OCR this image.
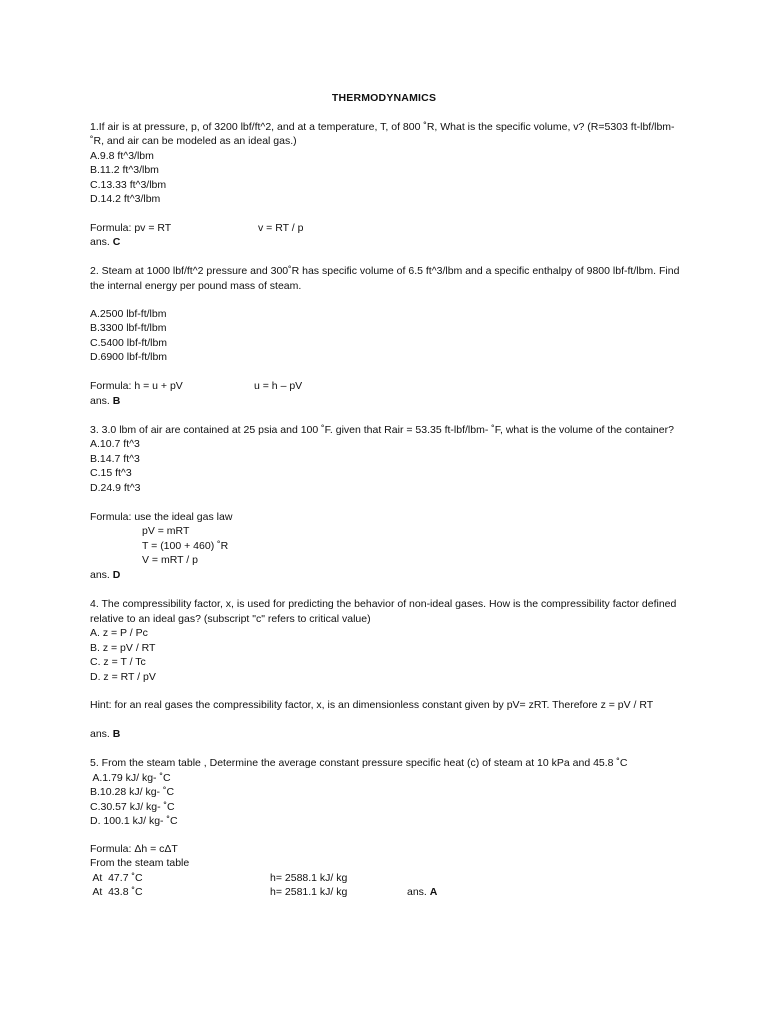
THERMODYNAMICS
1.If air is at pressure, p, of 3200 lbf/ft^2, and at a temperature, T, of 800 ˚R, What is the specific volume, v? (R=5303 ft-lbf/lbm-
˚R, and air can be modeled as an ideal gas.)
A.9.8 ft^3/lbm
B.11.2 ft^3/lbm
C.13.33 ft^3/lbm
D.14.2 ft^3/lbm
Formula: pv = RT	v = RT / p
ans. C
2. Steam at 1000 lbf/ft^2 pressure and 300˚R has specific volume of 6.5 ft^3/lbm and a specific enthalpy of 9800 lbf-ft/lbm. Find
the internal energy per pound mass of steam.
A.2500 lbf-ft/lbm
B.3300 lbf-ft/lbm
C.5400 lbf-ft/lbm
D.6900 lbf-ft/lbm
Formula: h = u + pV	u = h – pV
ans. B
3. 3.0 lbm of air are contained at 25 psia and 100 ˚F. given that Rair = 53.35 ft-lbf/lbm- ˚F, what is the volume of the container?
A.10.7 ft^3
B.14.7 ft^3
C.15 ft^3
D.24.9 ft^3
Formula: use the ideal gas law
pV = mRT
T = (100 + 460) ˚R
V = mRT / p
ans. D
4. The compressibility factor, x, is used for predicting the behavior of non-ideal gases. How is the compressibility factor defined
relative to an ideal gas? (subscript "c" refers to critical value)
A. z = P / Pc
B. z = pV / RT
C. z = T / Tc
D. z = RT / pV
Hint: for an real gases the compressibility factor, x, is an dimensionless constant given by pV= zRT. Therefore z = pV / RT
ans. B
5. From the steam table , Determine the average constant pressure specific heat (c) of steam at 10 kPa and 45.8 ˚C
A.1.79 kJ/ kg- ˚C
B.10.28 kJ/ kg- ˚C
C.30.57 kJ/ kg- ˚C
D. 100.1 kJ/ kg- ˚C
Formula: Δh = cΔT
From the steam table
At  47.7 ˚C	h= 2588.1 kJ/ kg
At  43.8 ˚C	h= 2581.1 kJ/ kg	ans. A
